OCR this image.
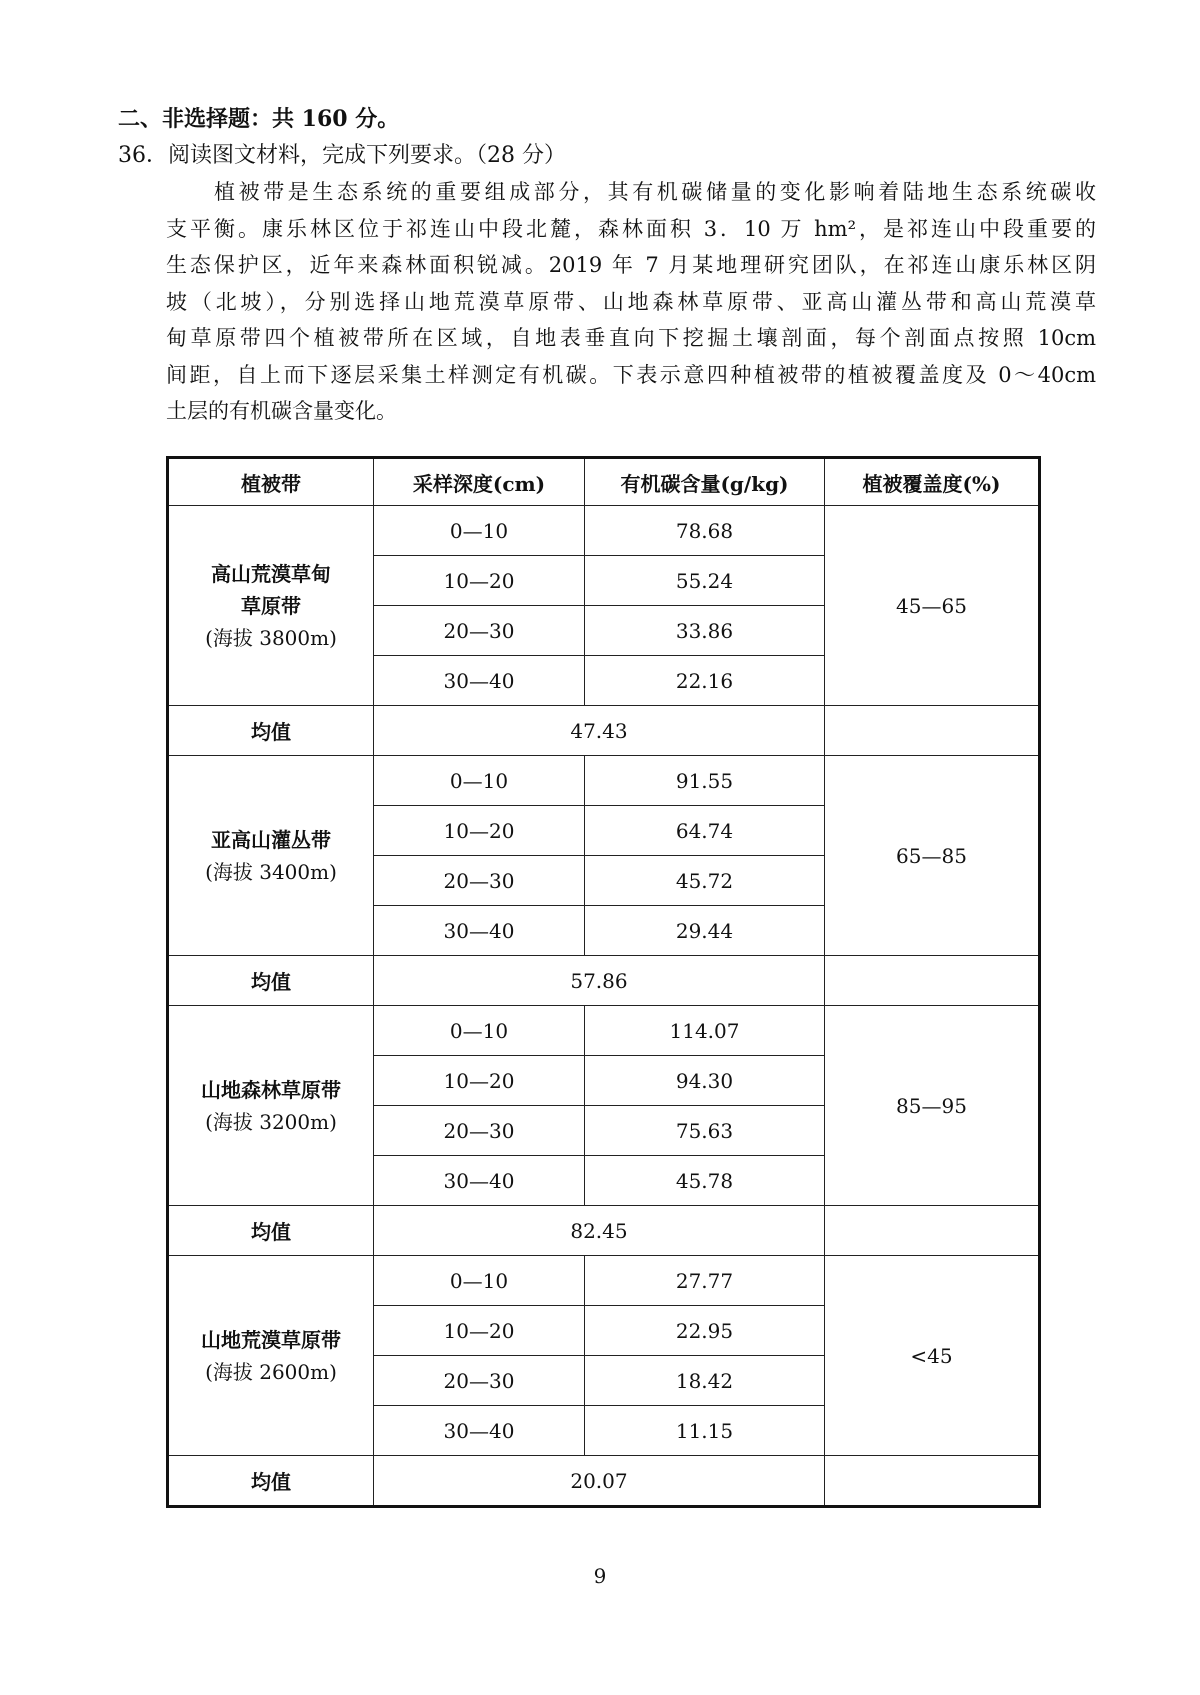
二、非选择题：共 160 分。
36．阅读图文材料，完成下列要求。（28 分）
植被带是生态系统的重要组成部分，其有机碳储量的变化影响着陆地生态系统碳收
支平衡。康乐林区位于祁连山中段北麓，森林面积 3．10 万 hm²，是祁连山中段重要的
生态保护区，近年来森林面积锐减。2019 年 7 月某地理研究团队，在祁连山康乐林区阴
坡（北坡），分别选择山地荒漠草原带、山地森林草原带、亚高山灌丛带和高山荒漠草
甸草原带四个植被带所在区域，自地表垂直向下挖掘土壤剖面，每个剖面点按照 10cm
间距，自上而下逐层采集土样测定有机碳。下表示意四种植被带的植被覆盖度及 0～40cm
土层的有机碳含量变化。
植被带	采样深度(cm)	有机碳含量(g/kg)	植被覆盖度(%)

高山荒漠草甸
草原带
(海拔 3800m)	0—10	78.68	45—65
	10—20	55.24	
	20—30	33.86	
	30—40	22.16	
均值	47.43		

亚高山灌丛带
(海拔 3400m)	0—10	91.55	65—85
	10—20	64.74	
	20—30	45.72	
	30—40	29.44	
均值	57.86		

山地森林草原带
(海拔 3200m)	0—10	114.07	85—95
	10—20	94.30	
	20—30	75.63	
	30—40	45.78	
均值	82.45		

山地荒漠草原带
(海拔 2600m)	0—10	27.77	<45
	10—20	22.95	
	20—30	18.42	
	30—40	11.15	
均值	20.07		
9
